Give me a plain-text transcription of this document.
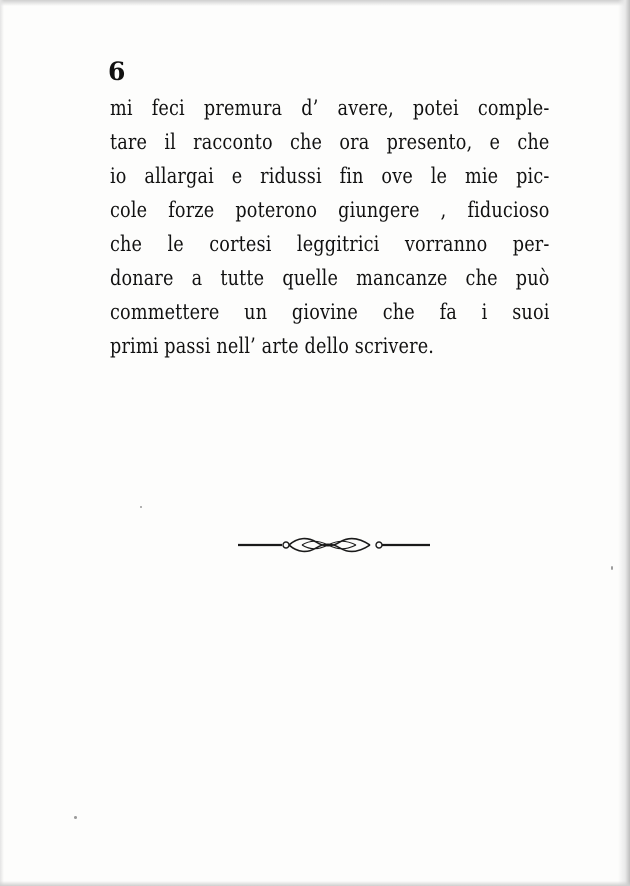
6
mi feci premura d’ avere, potei comple-
tare il racconto che ora presento, e che
io allargai e ridussi fin ove le mie pic-
cole forze poterono giungere , fiducioso
che le cortesi leggitrici vorranno per-
donare a tutte quelle mancanze che può
commettere un giovine che fa i suoi
primi passi nell’ arte dello scrivere.
